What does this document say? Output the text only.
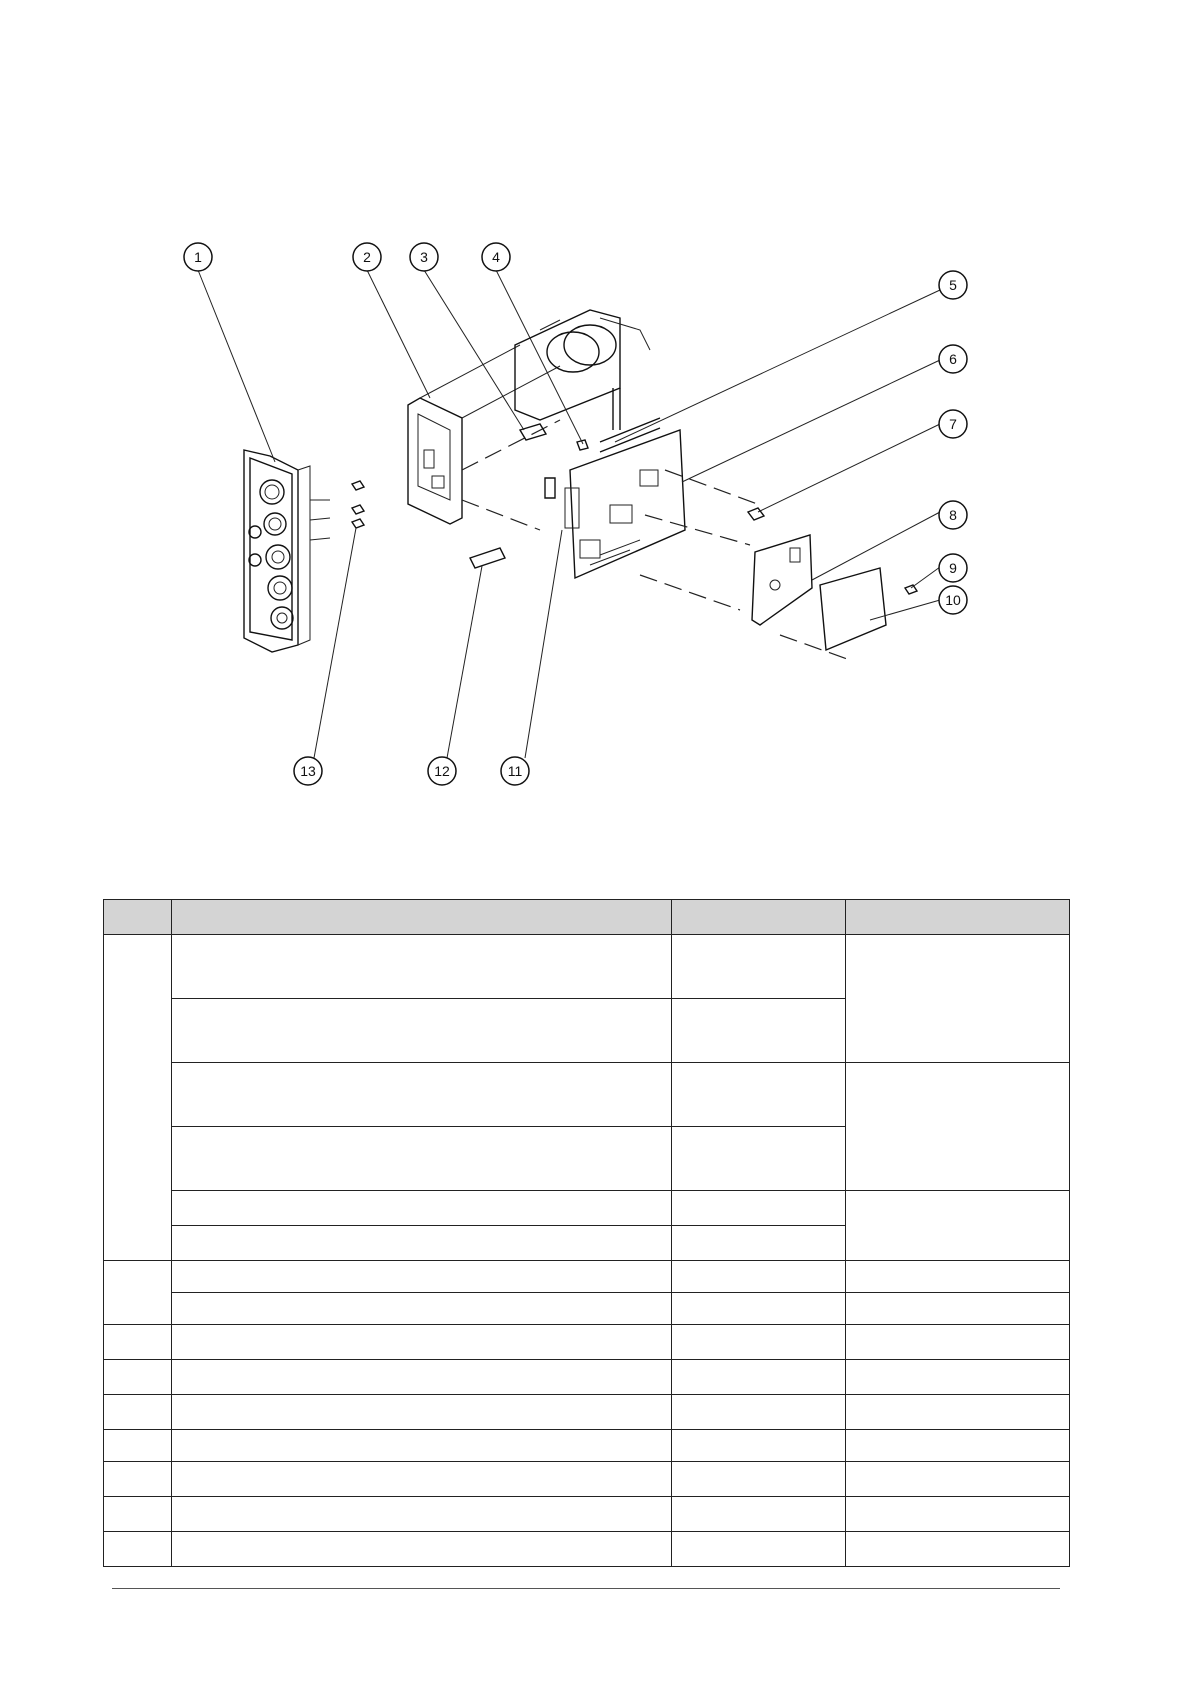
1	2	3	4
5
6
7
8
9
10
11
12
13
